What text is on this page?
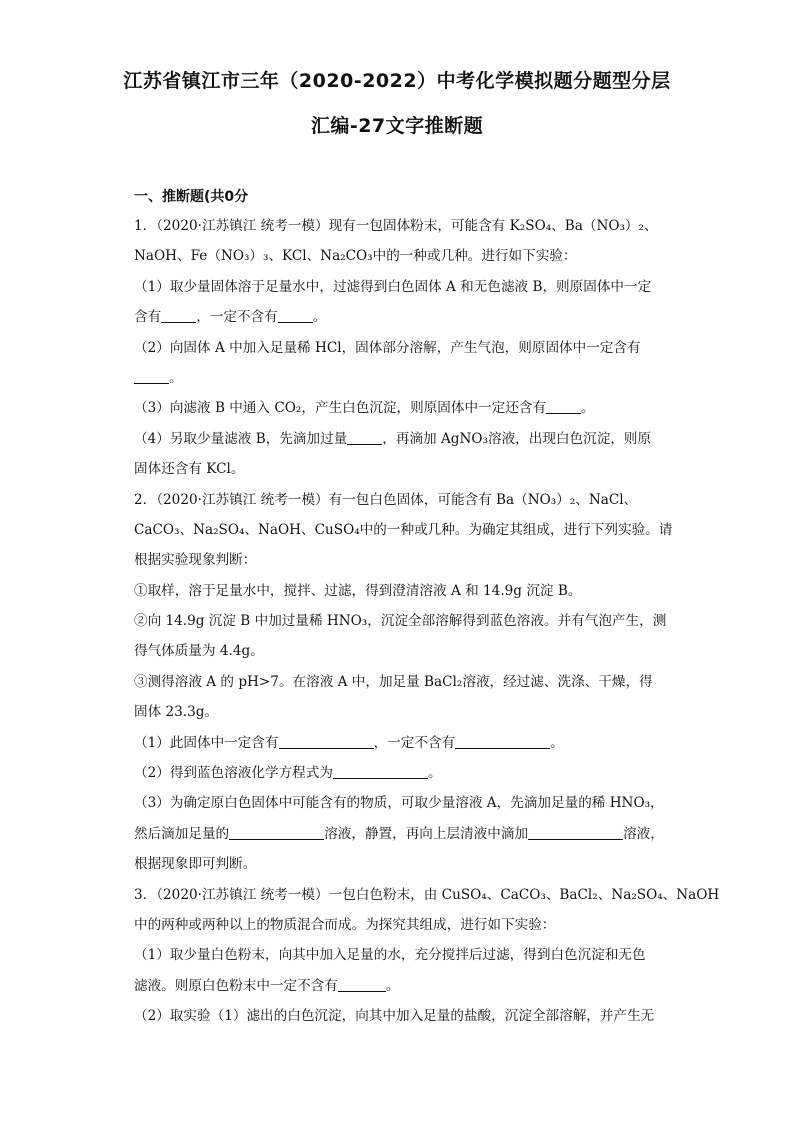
江苏省镇江市三年（2020-2022）中考化学模拟题分题型分层
汇编-27文字推断题
一、推断题(共0分
1．（2020·江苏镇江 统考一模）现有一包固体粉末，可能含有 K₂SO₄、Ba（NO₃）₂、
NaOH、Fe（NO₃）₃、KCl、Na₂CO₃中的一种或几种。进行如下实验：
（1）取少量固体溶于足量水中，过滤得到白色固体 A 和无色滤液 B，则原固体中一定
含有	，一定不含有	。
（2）向固体 A 中加入足量稀 HCl，固体部分溶解，产生气泡，则原固体中一定含有
。
（3）向滤液 B 中通入 CO₂，产生白色沉淀，则原固体中一定还含有	。
（4）另取少量滤液 B，先滴加过量	，再滴加 AgNO₃溶液，出现白色沉淀，则原
固体还含有 KCl。
2．（2020·江苏镇江 统考一模）有一包白色固体，可能含有 Ba（NO₃）₂、NaCl、
CaCO₃、Na₂SO₄、NaOH、CuSO₄中的一种或几种。为确定其组成，进行下列实验。请
根据实验现象判断：
①取样，溶于足量水中，搅拌、过滤，得到澄清溶液 A 和 14.9g 沉淀 B。
②向 14.9g 沉淀 B 中加过量稀 HNO₃，沉淀全部溶解得到蓝色溶液。并有气泡产生，测
得气体质量为 4.4g。
③测得溶液 A 的 pH>7。在溶液 A 中，加足量 BaCl₂溶液，经过滤、洗涤、干燥，得
固体 23.3g。
（1）此固体中一定含有	，一定不含有	。
（2）得到蓝色溶液化学方程式为	。
（3）为确定原白色固体中可能含有的物质，可取少量溶液 A，先滴加足量的稀 HNO₃，
然后滴加足量的	溶液，静置，再向上层清液中滴加	溶液，
根据现象即可判断。
3．（2020·江苏镇江 统考一模）一包白色粉末，由 CuSO₄、CaCO₃、BaCl₂、Na₂SO₄、NaOH
中的两种或两种以上的物质混合而成。为探究其组成，进行如下实验：
（1）取少量白色粉末，向其中加入足量的水，充分搅拌后过滤，得到白色沉淀和无色
滤液。则原白色粉末中一定不含有	。
（2）取实验（1）滤出的白色沉淀，向其中加入足量的盐酸，沉淀全部溶解，并产生无
